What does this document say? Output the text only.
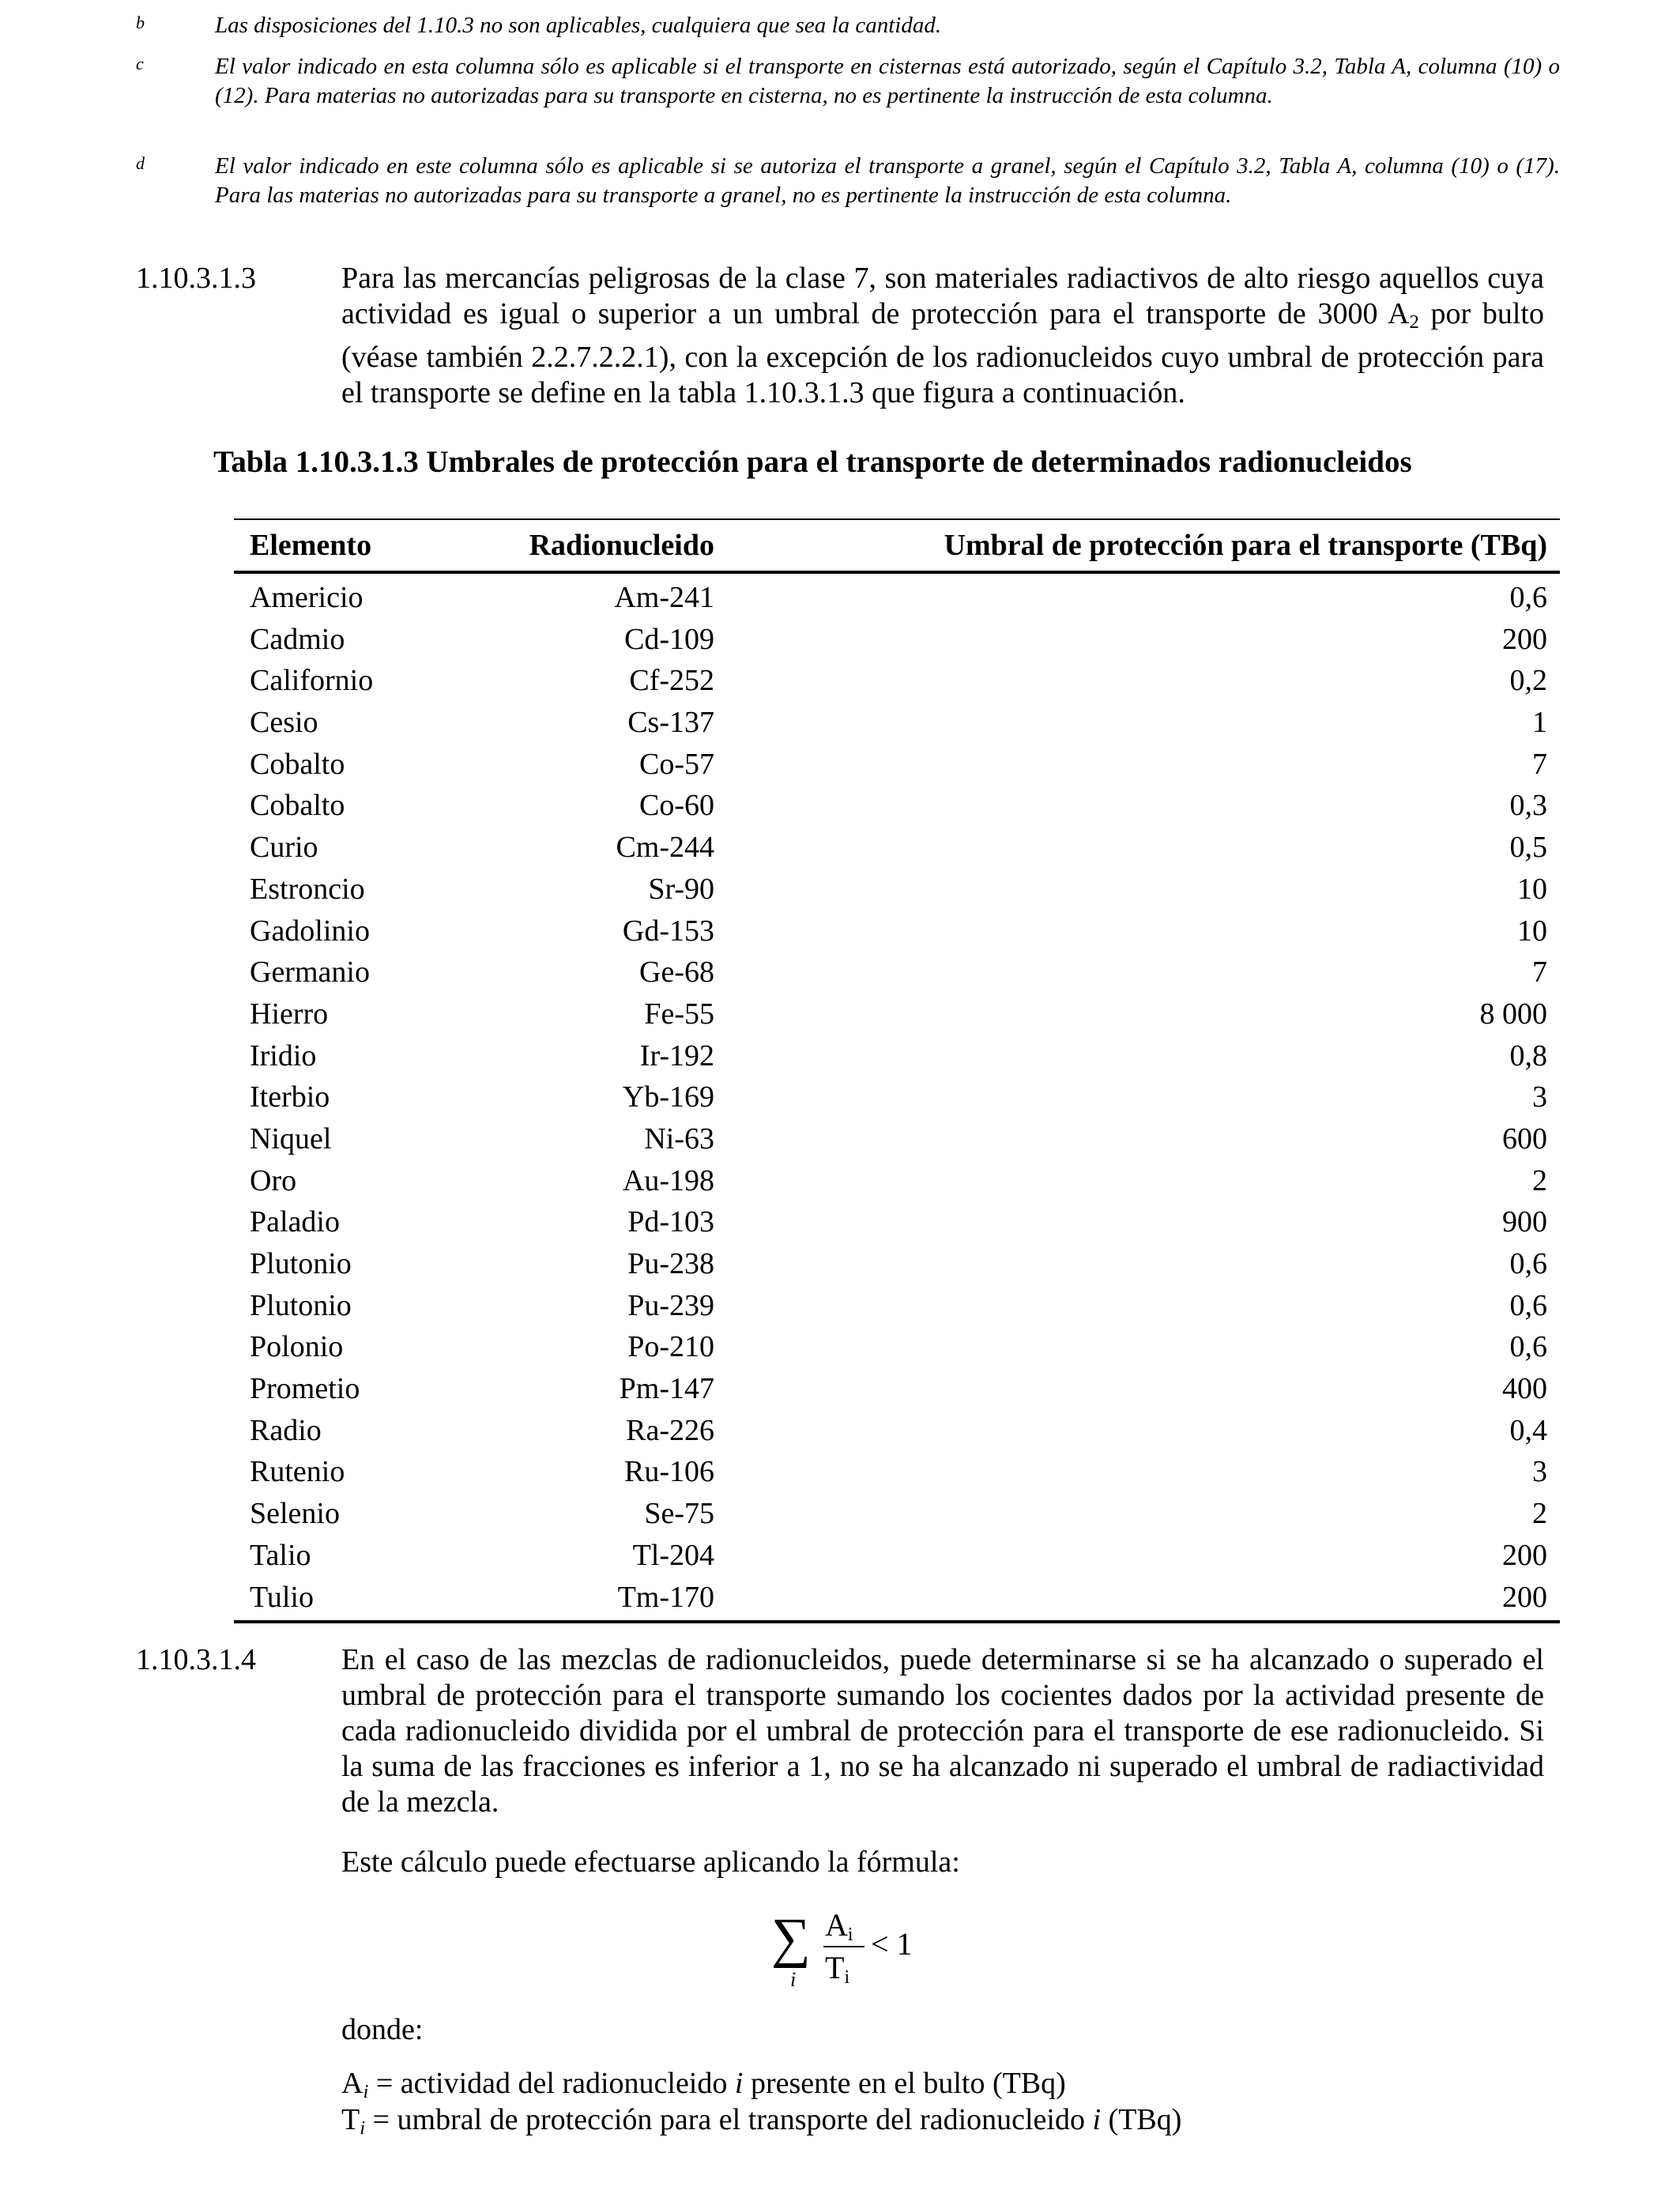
b	Las disposiciones del 1.10.3 no son aplicables, cualquiera que sea la cantidad.
c	El valor indicado en esta columna sólo es aplicable si el transporte en cisternas está autorizado, según el Capítulo 3.2, Tabla A, columna (10) o (12). Para materias no autorizadas para su transporte en cisterna, no es pertinente la instrucción de esta columna.
d	El valor indicado en este columna sólo es aplicable si se autoriza el transporte a granel, según el Capítulo 3.2, Tabla A, columna (10) o (17). Para las materias no autorizadas para su transporte a granel, no es pertinente la instrucción de esta columna.
1.10.3.1.3	Para las mercancías peligrosas de la clase 7, son materiales radiactivos de alto riesgo aquellos cuya actividad es igual o superior a un umbral de protección para el transporte de 3000 $A_2$ por bulto (véase también 2.2.7.2.2.1), con la excepción de los radionucleidos cuyo umbral de protección para el transporte se define en la tabla 1.10.3.1.3 que figura a continuación.
Tabla 1.10.3.1.3 Umbrales de protección para el transporte de determinados radionucleidos
Elemento	Radionucleido	Umbral de protección para el transporte (TBq)
Americio	Am-241	0,6
Cadmio	Cd-109	200
Californio	Cf-252	0,2
Cesio	Cs-137	1
Cobalto	Co-57	7
Cobalto	Co-60	0,3
Curio	Cm-244	0,5
Estroncio	Sr-90	10
Gadolinio	Gd-153	10
Germanio	Ge-68	7
Hierro	Fe-55	8 000
Iridio	Ir-192	0,8
Iterbio	Yb-169	3
Niquel	Ni-63	600
Oro	Au-198	2
Paladio	Pd-103	900
Plutonio	Pu-238	0,6
Plutonio	Pu-239	0,6
Polonio	Po-210	0,6
Prometio	Pm-147	400
Radio	Ra-226	0,4
Rutenio	Ru-106	3
Selenio	Se-75	2
Talio	Tl-204	200
Tulio	Tm-170	200
1.10.3.1.4	En el caso de las mezclas de radionucleidos, puede determinarse si se ha alcanzado o superado el umbral de protección para el transporte sumando los cocientes dados por la actividad presente de cada radionucleido dividida por el umbral de protección para el transporte de ese radionucleido. Si la suma de las fracciones es inferior a 1, no se ha alcanzado ni superado el umbral de radiactividad de la mezcla.
Este cálculo puede efectuarse aplicando la fórmula:
∑
i
$A_i$
$T_i$
< 1
donde:
$A_i$ = actividad del radionucleido i presente en el bulto (TBq)
$T_i$ = umbral de protección para el transporte del radionucleido i (TBq)
